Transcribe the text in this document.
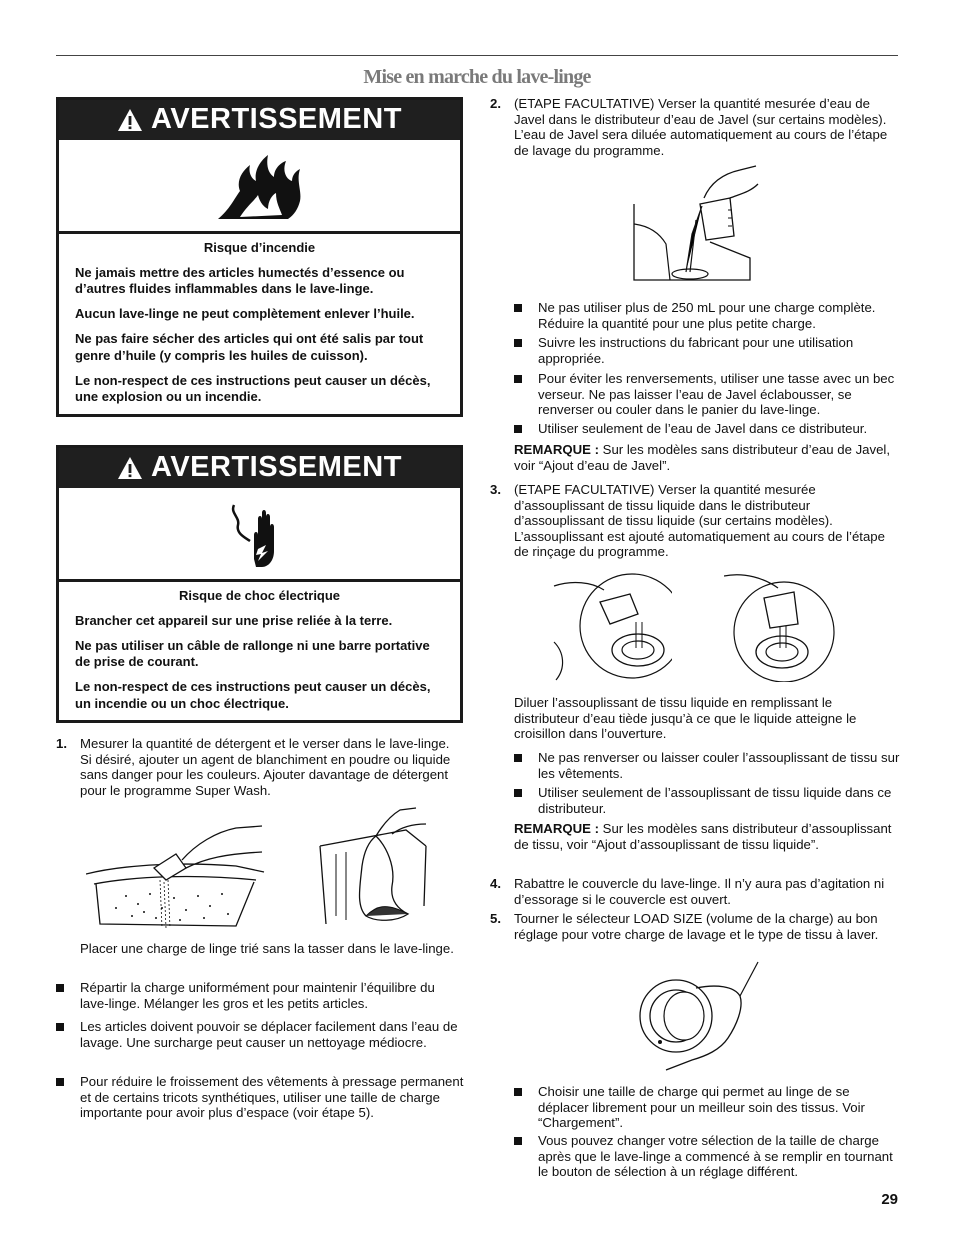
Mise en marche du lave-linge
AVERTISSEMENT
Risque d’incendie

Ne jamais mettre des articles humectés d’essence ou d’autres fluides inflammables dans le lave-linge.

Aucun lave-linge ne peut complètement enlever l’huile.

Ne pas faire sécher des articles qui ont été salis par tout genre d’huile (y compris les huiles de cuisson).

Le non-respect de ces instructions peut causer un décès, une explosion ou un incendie.

AVERTISSEMENT
Risque de choc électrique

Brancher cet appareil sur une prise reliée à la terre.

Ne pas utiliser un câble de rallonge ni une barre portative de prise de courant.

Le non-respect de ces instructions peut causer un décès, un incendie ou un choc électrique.

1. Mesurer la quantité de détergent et le verser dans le lave-linge. Si désiré, ajouter un agent de blanchiment en poudre ou liquide sans danger pour les couleurs. Ajouter davantage de détergent pour le programme Super Wash.
Placer une charge de linge trié sans la tasser dans le lave-linge.
Répartir la charge uniformément pour maintenir l’équilibre du lave-linge. Mélanger les gros et les petits articles.
Les articles doivent pouvoir se déplacer facilement dans l’eau de lavage. Une surcharge peut causer un nettoyage médiocre.
Pour réduire le froissement des vêtements à pressage permanent et de certains tricots synthétiques, utiliser une taille de charge importante pour avoir plus d’espace (voir étape 5).
2. (ETAPE FACULTATIVE) Verser la quantité mesurée d’eau de Javel dans le distributeur d’eau de Javel (sur certains modèles). L’eau de Javel sera diluée automatiquement au cours de l’étape de lavage du programme.
Ne pas utiliser plus de 250 mL pour une charge complète. Réduire la quantité pour une plus petite charge.
Suivre les instructions du fabricant pour une utilisation appropriée.
Pour éviter les renversements, utiliser une tasse avec un bec verseur. Ne pas laisser l’eau de Javel éclabousser, se renverser ou couler dans le panier du lave-linge.
Utiliser seulement de l’eau de Javel dans ce distributeur.
REMARQUE : Sur les modèles sans distributeur d’eau de Javel, voir “Ajout d’eau de Javel”.
3. (ETAPE FACULTATIVE) Verser la quantité mesurée d’assouplissant de tissu liquide dans le distributeur d’assouplissant de tissu liquide (sur certains modèles). L’assouplissant est ajouté automatiquement au cours de l’étape de rinçage du programme.
Diluer l’assouplissant de tissu liquide en remplissant le distributeur d’eau tiède jusqu’à ce que le liquide atteigne le croisillon dans l’ouverture.
Ne pas renverser ou laisser couler l’assouplissant de tissu sur les vêtements.
Utiliser seulement de l’assouplissant de tissu liquide dans ce distributeur.
REMARQUE : Sur les modèles sans distributeur d’assouplissant de tissu, voir “Ajout d’assouplissant de tissu liquide”.
4. Rabattre le couvercle du lave-linge. Il n’y aura pas d’agitation ni d’essorage si le couvercle est ouvert.
5. Tourner le sélecteur LOAD SIZE (volume de la charge) au bon réglage pour votre charge de lavage et le type de tissu à laver.
Choisir une taille de charge qui permet au linge de se déplacer librement pour un meilleur soin des tissus. Voir “Chargement”.
Vous pouvez changer votre sélection de la taille de charge après que le lave-linge a commencé à se remplir en tournant le bouton de sélection à un réglage différent.
29
